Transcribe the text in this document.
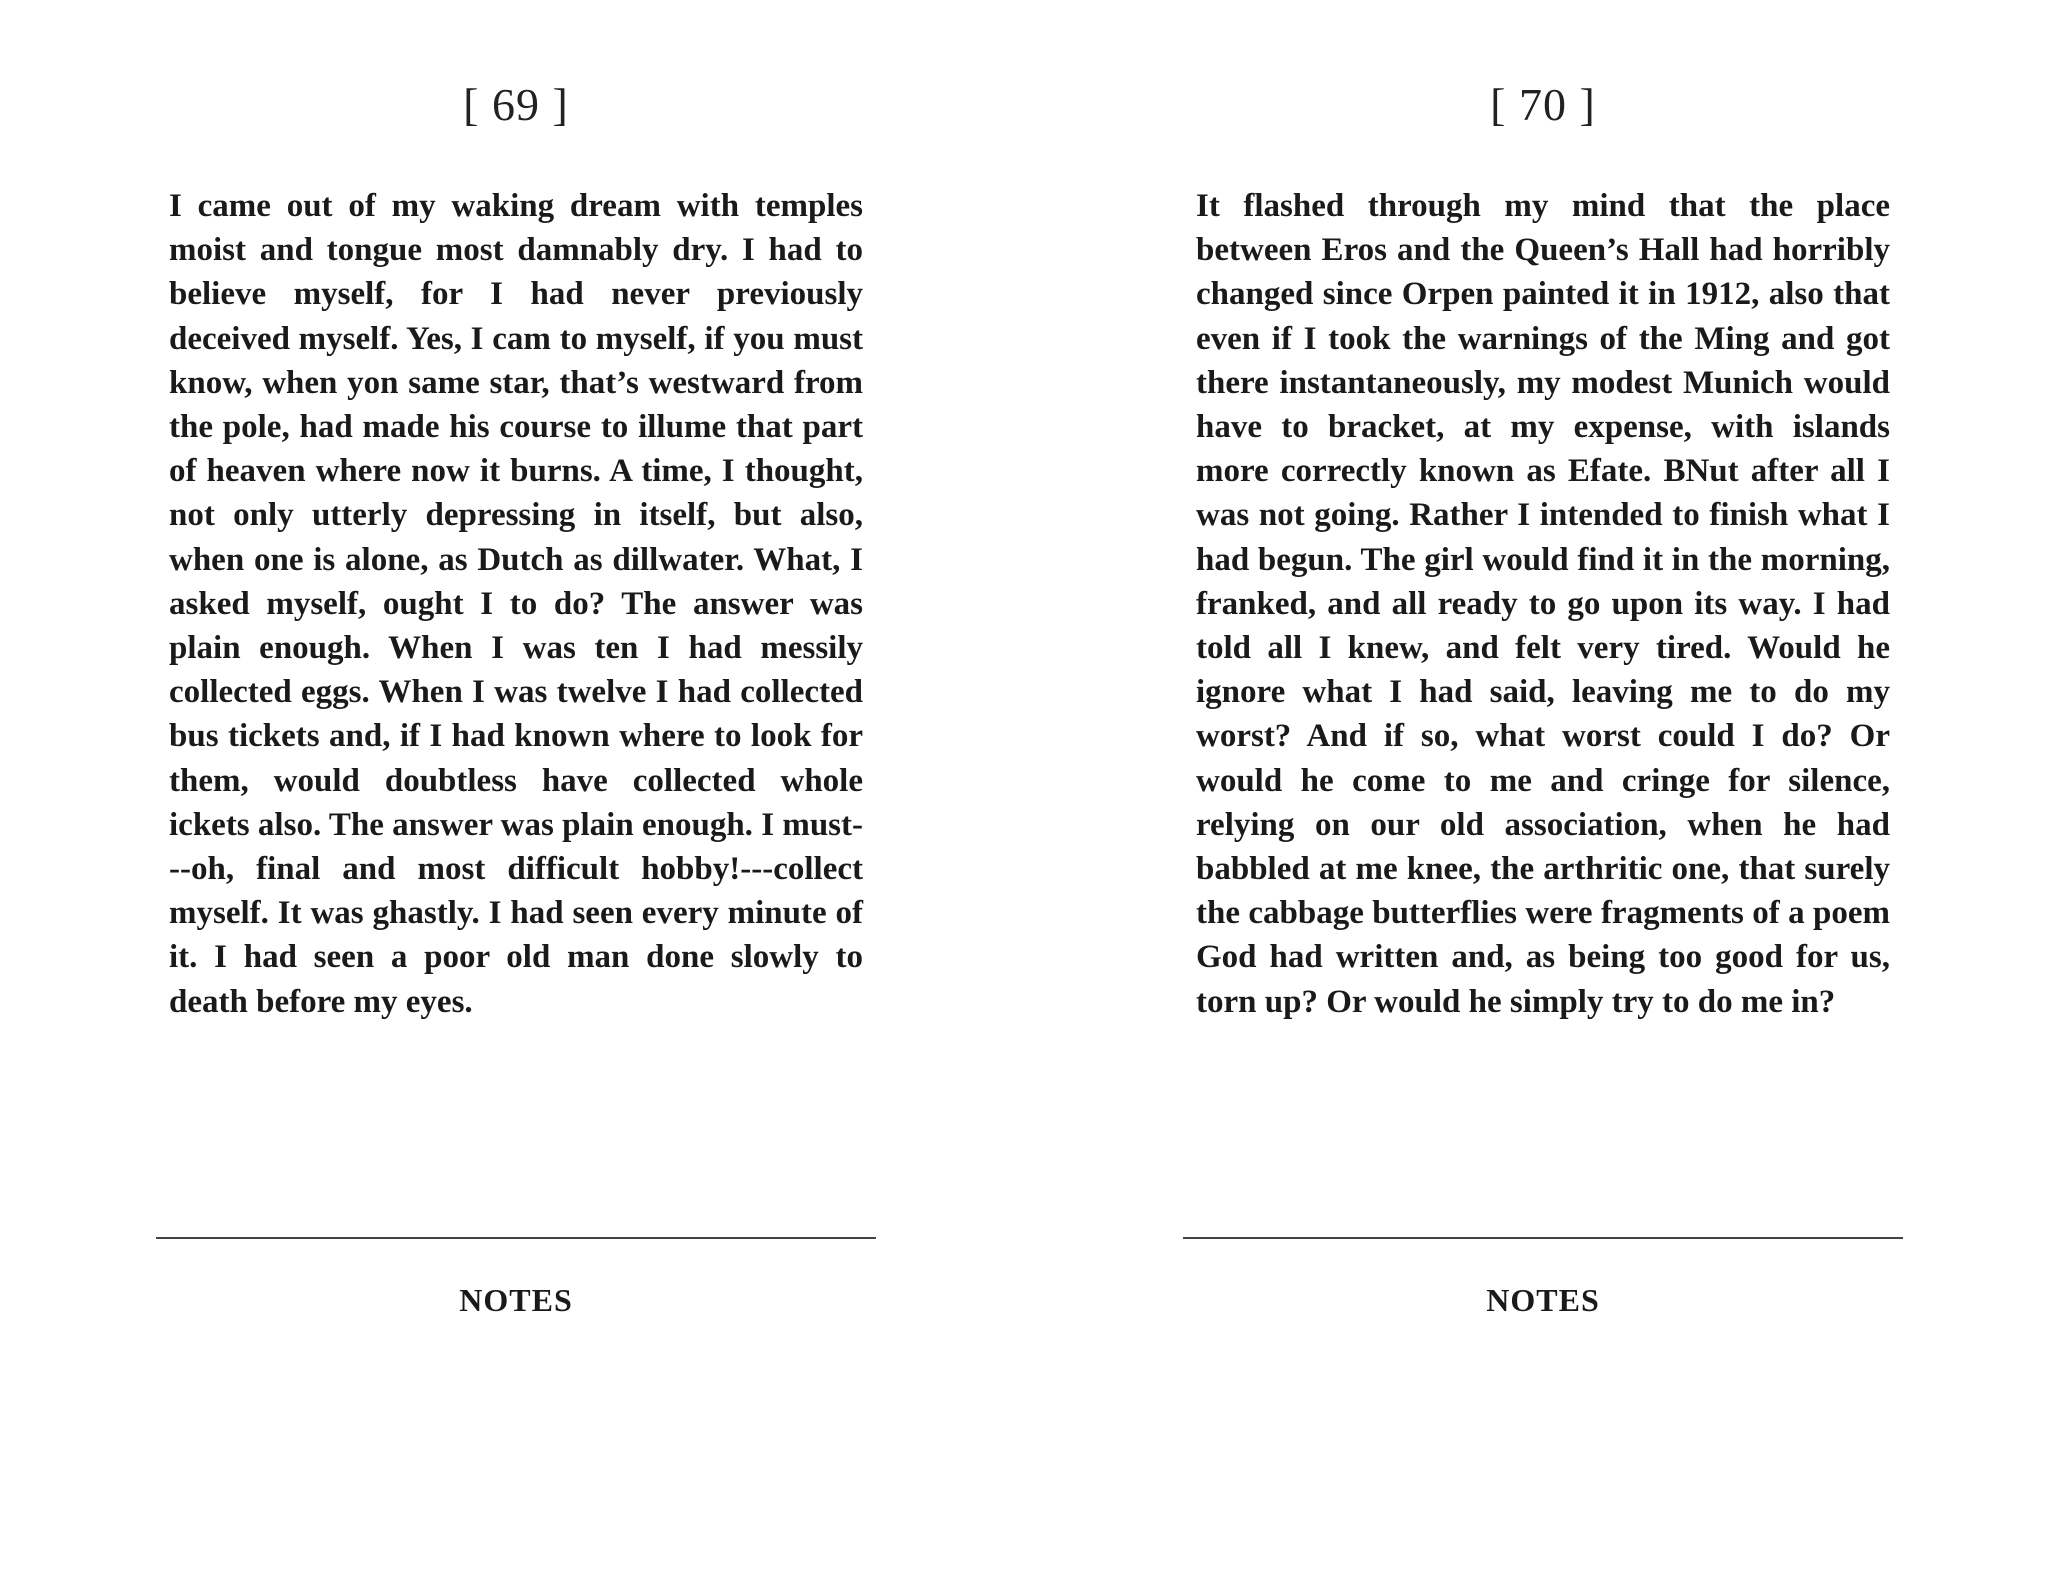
[ 69 ]

I came out of my waking dream with temples moist and tongue most damnably dry. I had to believe myself, for I had never previously deceived myself. Yes, I cam to myself, if you must know, when yon same star, that’s westward from the pole, had made his course to illume that part of heaven where now it burns. A time, I thought, not only utterly depressing in itself, but also, when one is alone, as Dutch as dillwater. What, I asked myself, ought I to do? The answer was plain enough. When I was ten I had messily collected eggs. When I was twelve I had collected bus tickets and, if I had known where to look for them, would doubtless have collected whole ickets also. The answer was plain enough. I must---oh, final and most difficult hobby!---collect myself. It was ghastly. I had seen every minute of it. I had seen a poor old man done slowly to death before my eyes.

NOTES
[ 70 ]

It flashed through my mind that the place between Eros and the Queen’s Hall had horribly changed since Orpen painted it in 1912, also that even if I took the warnings of the Ming and got there instantaneously, my modest Munich would have to bracket, at my expense, with islands more correctly known as Efate. BNut after all I was not going. Rather I intended to finish what I had begun. The girl would find it in the morning, franked, and all ready to go upon its way. I had told all I knew, and felt very tired. Would he ignore what I had said, leaving me to do my worst? And if so, what worst could I do? Or would he come to me and cringe for silence, relying on our old association, when he had babbled at me knee, the arthritic one, that surely the cabbage butterflies were fragments of a poem God had written and, as being too good for us, torn up? Or would he simply try to do me in?

NOTES
